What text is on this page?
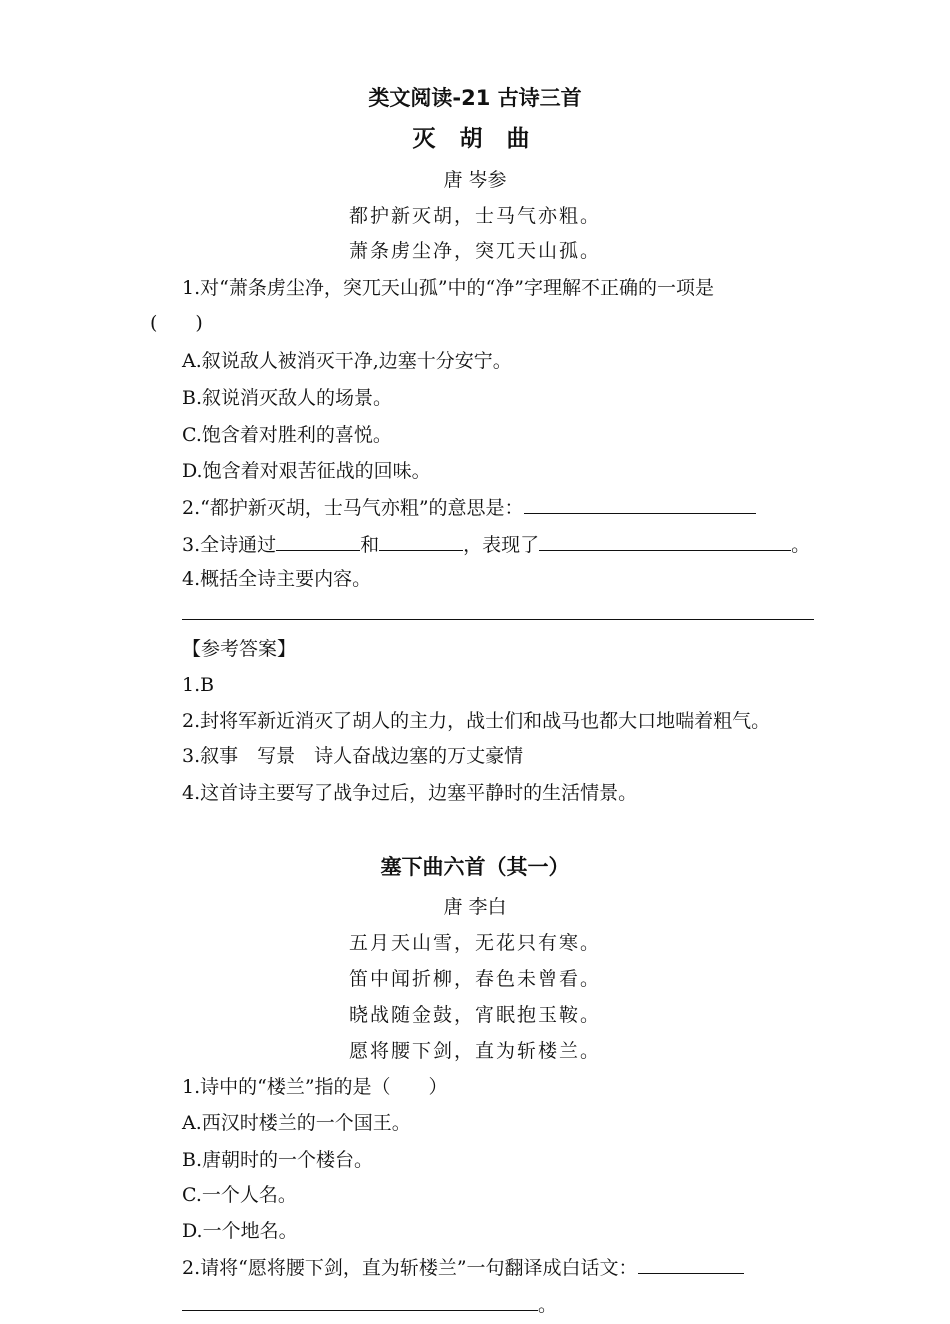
类文阅读-21 古诗三首
灭 胡 曲
唐 岑参
都护新灭胡，士马气亦粗。
萧条虏尘净，突兀天山孤。
1.对“萧条虏尘净，突兀天山孤”中的“净”字理解不正确的一项是
(　　)
A.叙说敌人被消灭干净,边塞十分安宁。
B.叙说消灭敌人的场景。
C.饱含着对胜利的喜悦。
D.饱含着对艰苦征战的回味。
2.“都护新灭胡，士马气亦粗”的意思是：
3.全诗通过	和	，表现了	。
4.概括全诗主要内容。
【参考答案】
1.B
2.封将军新近消灭了胡人的主力，战士们和战马也都大口地喘着粗气。
3.叙事　写景　诗人奋战边塞的万丈豪情
4.这首诗主要写了战争过后，边塞平静时的生活情景。
塞下曲六首（其一）
唐 李白
五月天山雪，无花只有寒。
笛中闻折柳，春色未曾看。
晓战随金鼓，宵眠抱玉鞍。
愿将腰下剑，直为斩楼兰。
1.诗中的“楼兰”指的是（　　）
A.西汉时楼兰的一个国王。
B.唐朝时的一个楼台。
C.一个人名。
D.一个地名。
2.请将“愿将腰下剑，直为斩楼兰”一句翻译成白话文：
。
